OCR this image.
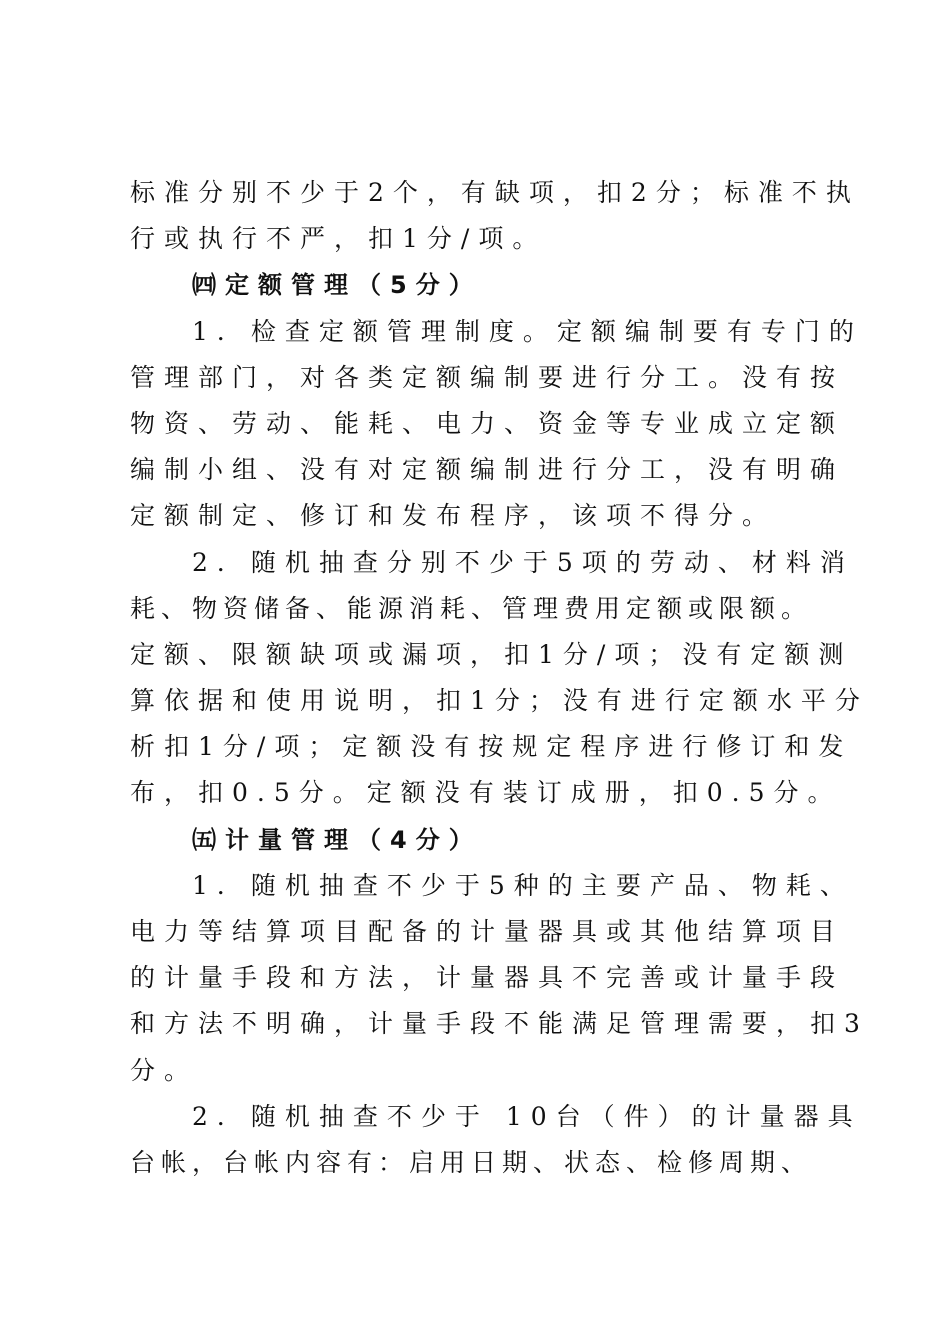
标准分别不少于2个，有缺项，扣2分；标准不执
行或执行不严，扣1分/项。
㈣定额管理（5分）
1．检查定额管理制度。定额编制要有专门的
管理部门，对各类定额编制要进行分工。没有按
物资、劳动、能耗、电力、资金等专业成立定额
编制小组、没有对定额编制进行分工，没有明确
定额制定、修订和发布程序，该项不得分。
2．随机抽查分别不少于5项的劳动、材料消
耗、物资储备、能源消耗、管理费用定额或限额。
定额、限额缺项或漏项，扣1分/项；没有定额测
算依据和使用说明，扣1分；没有进行定额水平分
析扣1分/项；定额没有按规定程序进行修订和发
布，扣0.5分。定额没有装订成册，扣0.5分。
㈤计量管理（4分）
1．随机抽查不少于5种的主要产品、物耗、
电力等结算项目配备的计量器具或其他结算项目
的计量手段和方法，计量器具不完善或计量手段
和方法不明确，计量手段不能满足管理需要，扣3
分。
2．随机抽查不少于 10台（件）的计量器具
台帐，台帐内容有：启用日期、状态、检修周期、
